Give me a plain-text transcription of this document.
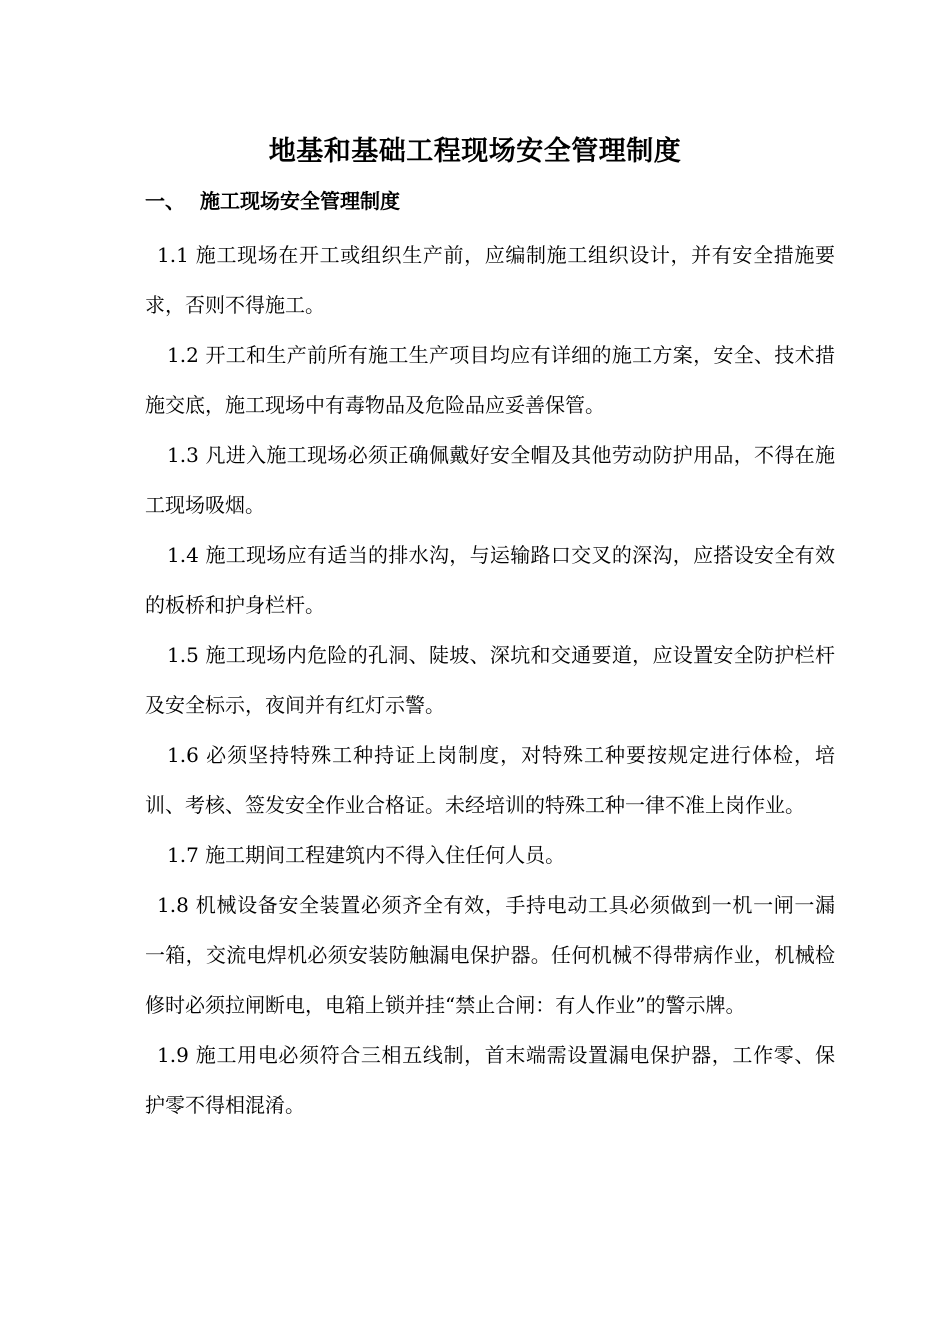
地基和基础工程现场安全管理制度
一、 施工现场安全管理制度

1.1 施工现场在开工或组织生产前，应编制施工组织设计，并有安全措施要求，否则不得施工。

1.2 开工和生产前所有施工生产项目均应有详细的施工方案，安全、技术措施交底，施工现场中有毒物品及危险品应妥善保管。

1.3 凡进入施工现场必须正确佩戴好安全帽及其他劳动防护用品，不得在施工现场吸烟。

1.4 施工现场应有适当的排水沟，与运输路口交叉的深沟，应搭设安全有效的板桥和护身栏杆。

1.5 施工现场内危险的孔洞、陡坡、深坑和交通要道，应设置安全防护栏杆及安全标示，夜间并有红灯示警。

1.6 必须坚持特殊工种持证上岗制度，对特殊工种要按规定进行体检，培训、考核、签发安全作业合格证。未经培训的特殊工种一律不准上岗作业。

1.7 施工期间工程建筑内不得入住任何人员。

1.8 机械设备安全装置必须齐全有效，手持电动工具必须做到一机一闸一漏一箱，交流电焊机必须安装防触漏电保护器。任何机械不得带病作业，机械检修时必须拉闸断电，电箱上锁并挂“禁止合闸：有人作业”的警示牌。

1.9 施工用电必须符合三相五线制，首末端需设置漏电保护器，工作零、保护零不得相混淆。
